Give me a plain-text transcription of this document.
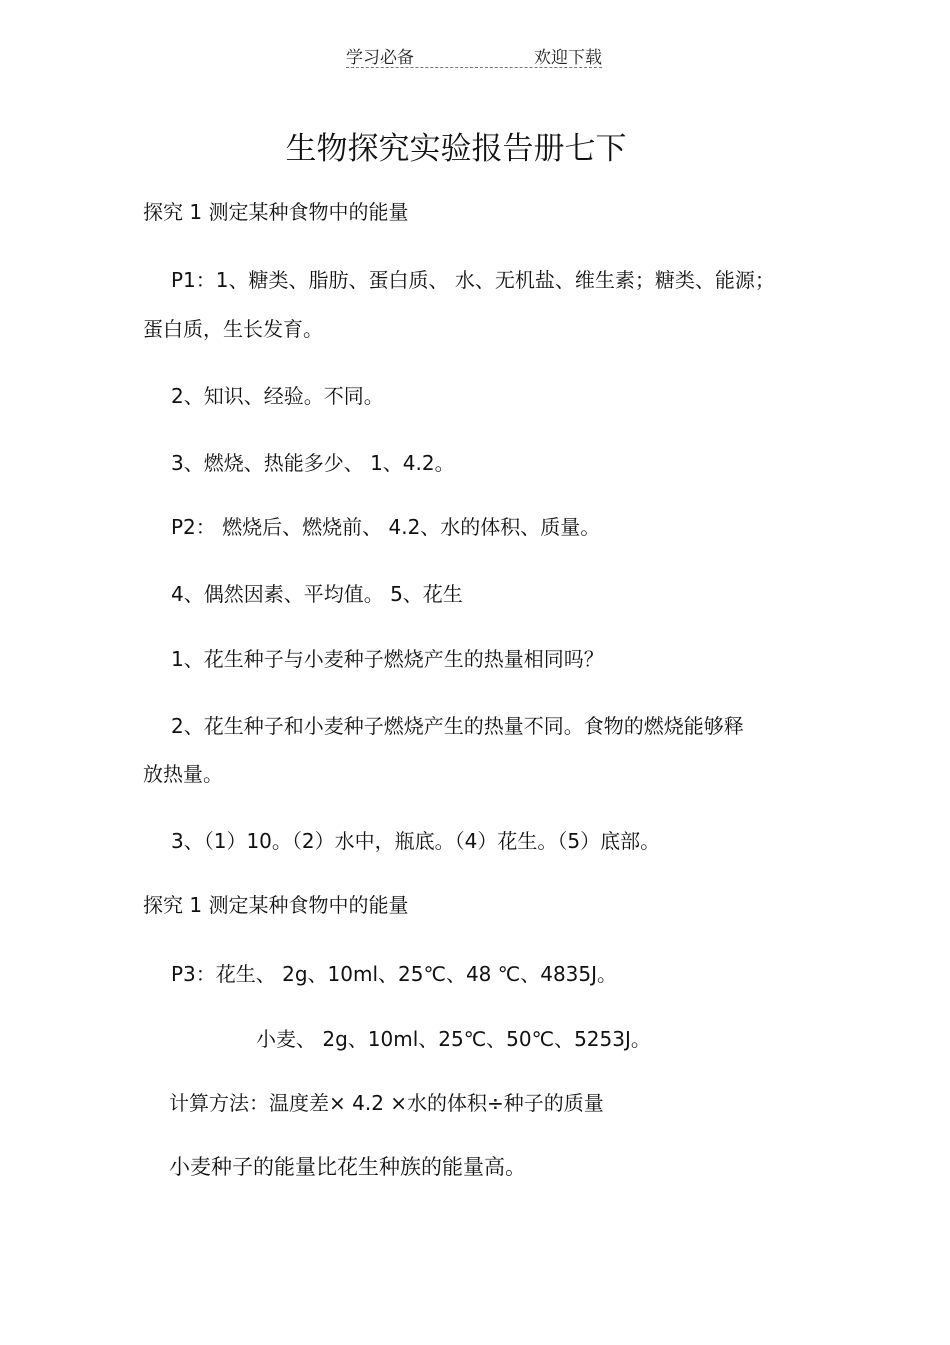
学习必备	欢迎下载
生物探究实验报告册七下
探究 1 测定某种食物中的能量
P1：1、糖类、脂肪、蛋白质、 水、无机盐、维生素；糖类、能源；
蛋白质，生长发育。
2、知识、经验。不同。
3、燃烧、热能多少、 1、4.2。
P2： 燃烧后、燃烧前、 4.2、水的体积、质量。
4、偶然因素、平均值。 5、花生
1、花生种子与小麦种子燃烧产生的热量相同吗？
2、花生种子和小麦种子燃烧产生的热量不同。食物的燃烧能够释
放热量。
3、（1）10。（2）水中，瓶底。（4）花生。（5）底部。
探究 1 测定某种食物中的能量
P3：花生、 2g、10ml、25℃、48 ℃、4835J。
小麦、 2g、10ml、25℃、50℃、5253J。
计算方法：温度差× 4.2 ×水的体积÷种子的质量
小麦种子的能量比花生种族的能量高。
